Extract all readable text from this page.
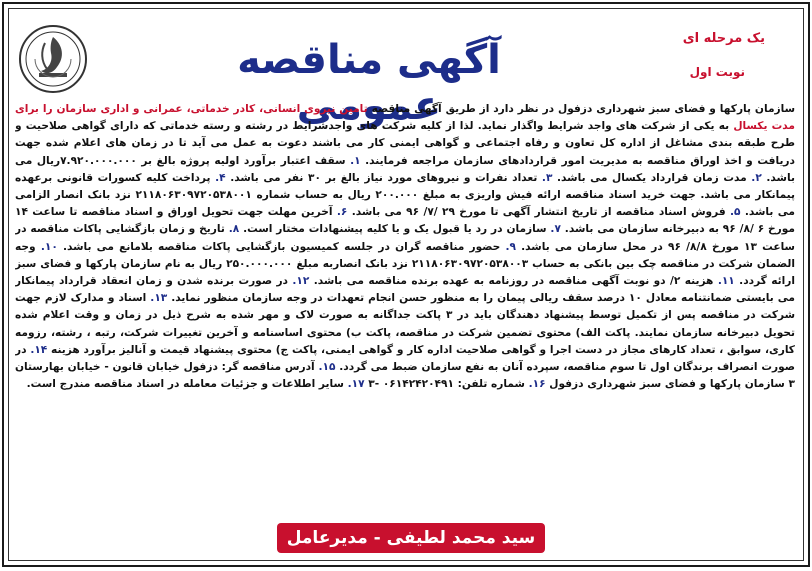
آگهی مناقصه عمومی
یک مرحله ای
نوبت اول

سازمان پارکها و فضای سبز شهرداری دزفول در نظر دارد از طریق آگهی مناقصه تامین نیروی انسانی، کادر خدماتی، عمرانی و اداری سازمان را برای مدت یکسال به یکی از شرکت های واجد شرایط واگذار نماید. لذا از کلیه شرکت های واجدشرایط در رشته و رسته خدماتی که دارای گواهی صلاحیت و طرح طبقه بندی مشاغل از اداره کل تعاون و رفاه اجتماعی و گواهی ایمنی کار می باشند دعوت به عمل می آید تا در زمان های اعلام شده جهت دریافت و اخذ اوراق مناقصه به مدیریت امور قراردادهای سازمان مراجعه فرمایند. ۱. سقف اعتبار برآورد اولیه پروژه بالغ بر ۷.۹۲۰.۰۰۰.۰۰۰ریال می باشد. ۲. مدت زمان قرارداد یکسال می باشد. ۳. تعداد نفرات و نیروهای مورد نیاز بالغ بر ۳۰ نفر می باشد. ۴. پرداخت کلیه کسورات قانونی برعهده پیمانکار می باشد. جهت خرید اسناد مناقصه ارائه فیش واریزی به مبلغ ۲۰۰.۰۰۰ ریال به حساب شماره ۲۱۱۸۰۶۳۰۹۷۲۰۵۳۸۰۰۱ نزد بانک انصار الزامی می باشد. ۵. فروش اسناد مناقصه از تاریخ انتشار آگهی تا مورخ ۲۹ /۷/ ۹۶ می باشد. ۶. آخرین مهلت جهت تحویل اوراق و اسناد مناقصه تا ساعت ۱۴ مورخ ۶ /۸/ ۹۶ به دبیرخانه سازمان می باشد. ۷. سازمان در رد یا قبول یک و یا کلیه پیشنهادات مختار است. ۸. تاریخ و زمان بازگشایی پاکات مناقصه در ساعت ۱۳ مورخ ۸/۸/ ۹۶ در محل سازمان می باشد. ۹. حضور مناقصه گران در جلسه کمیسیون بازگشایی پاکات مناقصه بلامانع می باشد. ۱۰. وجه الضمان شرکت در مناقصه چک بین بانکی به حساب ۲۱۱۸۰۶۳۰۹۷۲۰۵۳۸۰۰۳ نزد بانک انصاربه مبلغ ۲۵۰.۰۰۰.۰۰۰ ریال به نام سازمان پارکها و فضای سبز ارائه گردد. ۱۱. هزینه ۲/ دو نوبت آگهی مناقصه در روزنامه به عهده برنده مناقصه می باشد. ۱۲. در صورت برنده شدن و زمان انعقاد قرارداد پیمانکار می بایستی ضمانتنامه معادل ۱۰ درصد سقف ریالی پیمان را به منظور حسن انجام تعهدات در وجه سازمان منظور نماید. ۱۳. اسناد و مدارک لازم جهت شرکت در مناقصه پس از تکمیل توسط پیشنهاد دهندگان باید در ۳ پاکت جداگانه به صورت لاک و مهر شده به شرح ذیل در زمان و وقت اعلام شده تحویل دبیرخانه سازمان نمایند. پاکت الف) محتوی تضمین شرکت در مناقصه، پاکت ب) محتوی اساسنامه و آخرین تغییرات شرکت، رتبه ، رشته، رزومه کاری، سوابق ، تعداد کارهای مجاز در دست اجرا و گواهی صلاحیت اداره کار و گواهی ایمنی، پاکت ج) محتوی پیشنهاد قیمت و آنالیز برآورد هزینه ۱۴. در صورت انصراف برندگان اول تا سوم مناقصه، سپرده آنان به نفع سازمان ضبط می گردد. ۱۵. آدرس مناقصه گر: دزفول خیابان قانون - خیابان بهارستان ۳ سازمان پارکها و فضای سبز شهرداری دزفول ۱۶. شماره تلفن: ۰۶۱۴۲۴۲۰۴۹۱ -۳ ۱۷. سایر اطلاعات و جزئیات معامله در اسناد مناقصه مندرج است.

سید محمد لطیفی - مدیرعامل
